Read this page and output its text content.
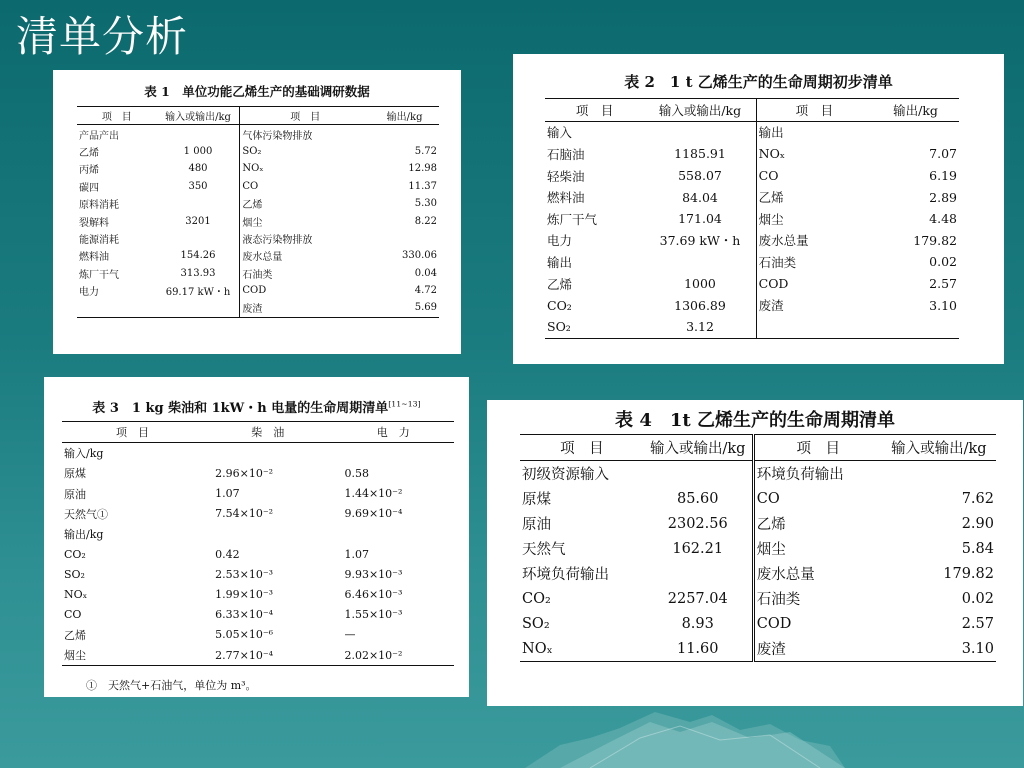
清单分析

表 1　单位功能乙烯生产的基础调研数据

项　目	输入或输出/kg	项　目	输出/kg
产品产出		气体污染物排放	
乙烯	1 000	SO₂	5.72
丙烯	480	NOₓ	12.98
碳四	350	CO	11.37
原料消耗		乙烯	5.30
裂解料	3201	烟尘	8.22
能源消耗		液态污染物排放	
燃料油	154.26	废水总量	330.06
炼厂干气	313.93	石油类	0.04
电力	69.17 kW・h	COD	4.72
		废渣	5.69

表 2　1 t 乙烯生产的生命周期初步清单

项　目	输入或输出/kg	项　目	输出/kg
输入		输出	
石脑油	1185.91	NOₓ	7.07
轻柴油	558.07	CO	6.19
燃料油	84.04	乙烯	2.89
炼厂干气	171.04	烟尘	4.48
电力	37.69 kW・h	废水总量	179.82
输出		石油类	0.02
乙烯	1000	COD	2.57
CO₂	1306.89	废渣	3.10
SO₂	3.12		

表 3　1 kg 柴油和 1kW・h 电量的生命周期清单[11~13]

项　目	柴　油	电　力
输入/kg		
原煤	2.96×10⁻²	0.58
原油	1.07	1.44×10⁻²
天然气①	7.54×10⁻²	9.69×10⁻⁴
输出/kg		
CO₂	0.42	1.07
SO₂	2.53×10⁻³	9.93×10⁻³
NOₓ	1.99×10⁻³	6.46×10⁻³
CO	6.33×10⁻⁴	1.55×10⁻³
乙烯	5.05×10⁻⁶	—
烟尘	2.77×10⁻⁴	2.02×10⁻²

①　天然气+石油气，单位为 m³。

表 4　1t 乙烯生产的生命周期清单

项　目	输入或输出/kg	项　目	输入或输出/kg
初级资源输入		环境负荷输出	
原煤	85.60	CO	7.62
原油	2302.56	乙烯	2.90
天然气	162.21	烟尘	5.84
环境负荷输出		废水总量	179.82
CO₂	2257.04	石油类	0.02
SO₂	8.93	COD	2.57
NOₓ	11.60	废渣	3.10
